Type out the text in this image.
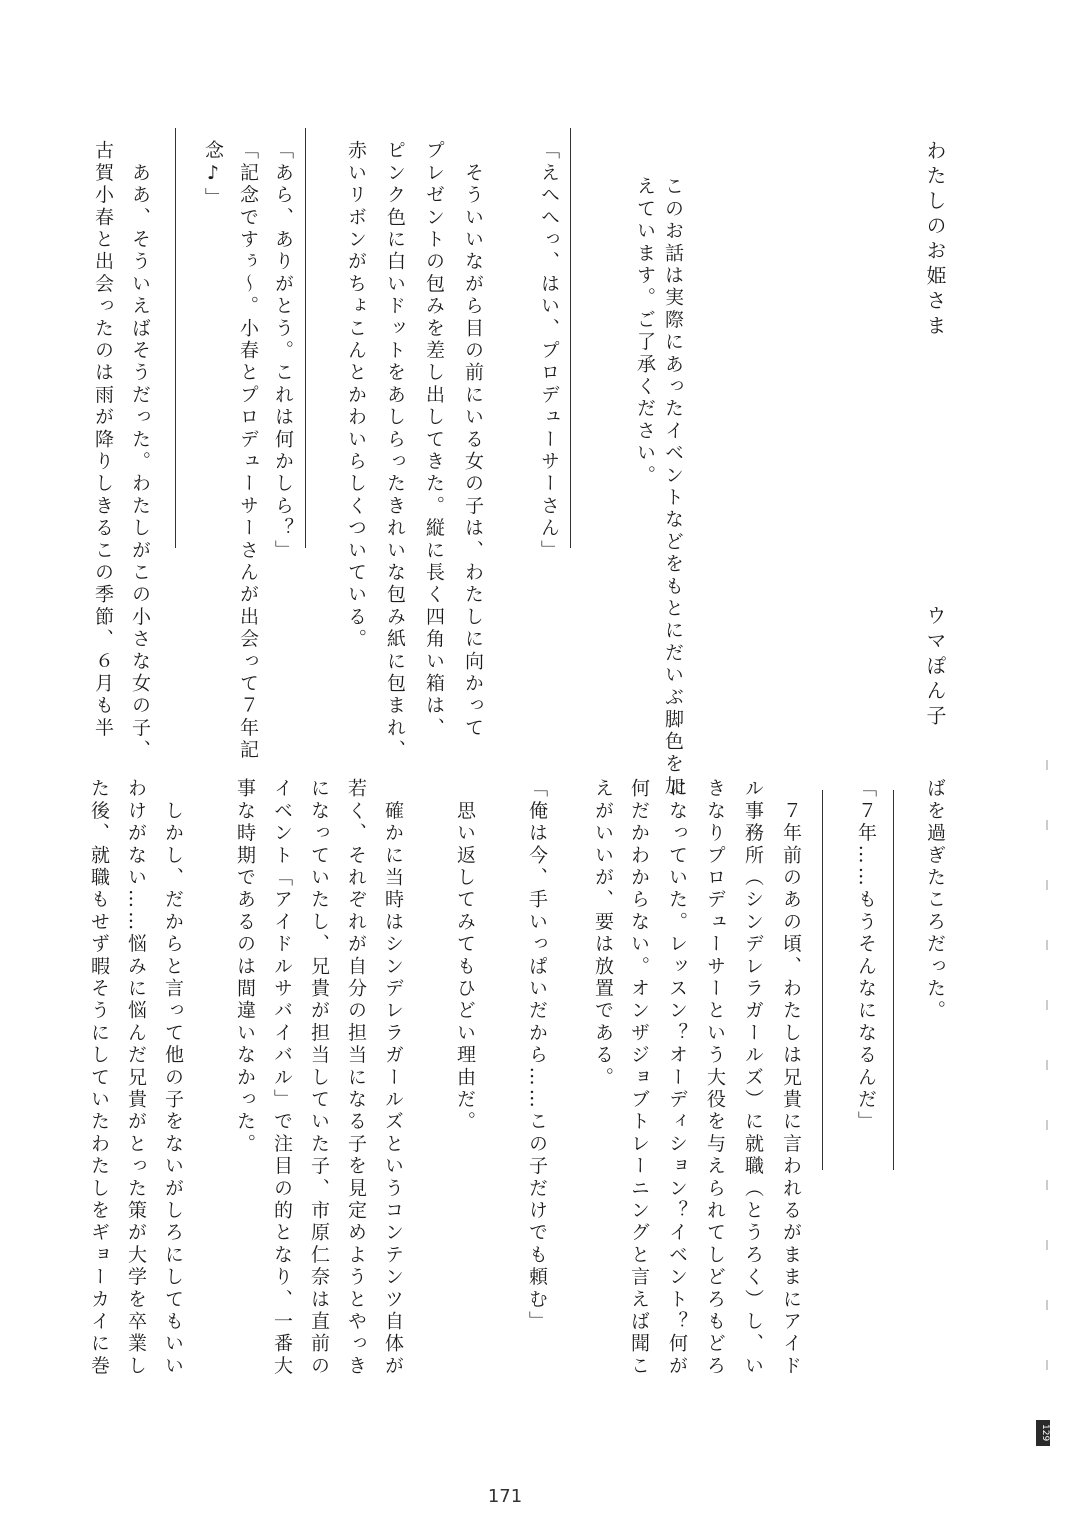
わたしのお姫さま
ウマぽん子
このお話は実際にあったイベントなどをもとにだいぶ脚色を加
えています。ご了承ください。
「えへへっ、はい、プロデューサーさん」
　そういいながら目の前にいる女の子は、わたしに向かって
プレゼントの包みを差し出してきた。縦に長く四角い箱は、
ピンク色に白いドットをあしらったきれいな包み紙に包まれ、
赤いリボンがちょこんとかわいらしくついている。
「あら、ありがとう。これは何かしら？」
「記念ですぅ〜。小春とプロデューサーさんが出会って７年記
念♪」
　ああ、そういえばそうだった。わたしがこの小さな女の子、
古賀小春と出会ったのは雨が降りしきるこの季節、６月も半
ばを過ぎたころだった。
「７年……もうそんなになるんだ」
　７年前のあの頃、わたしは兄貴に言われるがままにアイド
ル事務所（シンデレラガールズ）に就職（とうろく）し、い
きなりプロデューサーという大役を与えられてしどろもどろ
になっていた。レッスン？オーディション？イベント？何が
何だかわからない。オンザジョブトレーニングと言えば聞こ
えがいいが、要は放置である。
「俺は今、手いっぱいだから……この子だけでも頼む」
　思い返してみてもひどい理由だ。
　確かに当時はシンデレラガールズというコンテンツ自体が
若く、それぞれが自分の担当になる子を見定めようとやっき
になっていたし、兄貴が担当していた子、市原仁奈は直前の
イベント「アイドルサバイバル」で注目の的となり、一番大
事な時期であるのは間違いなかった。
　しかし、だからと言って他の子をないがしろにしてもいい
わけがない……悩みに悩んだ兄貴がとった策が大学を卒業し
た後、就職もせず暇そうにしていたわたしをギョーカイに巻
171
129
